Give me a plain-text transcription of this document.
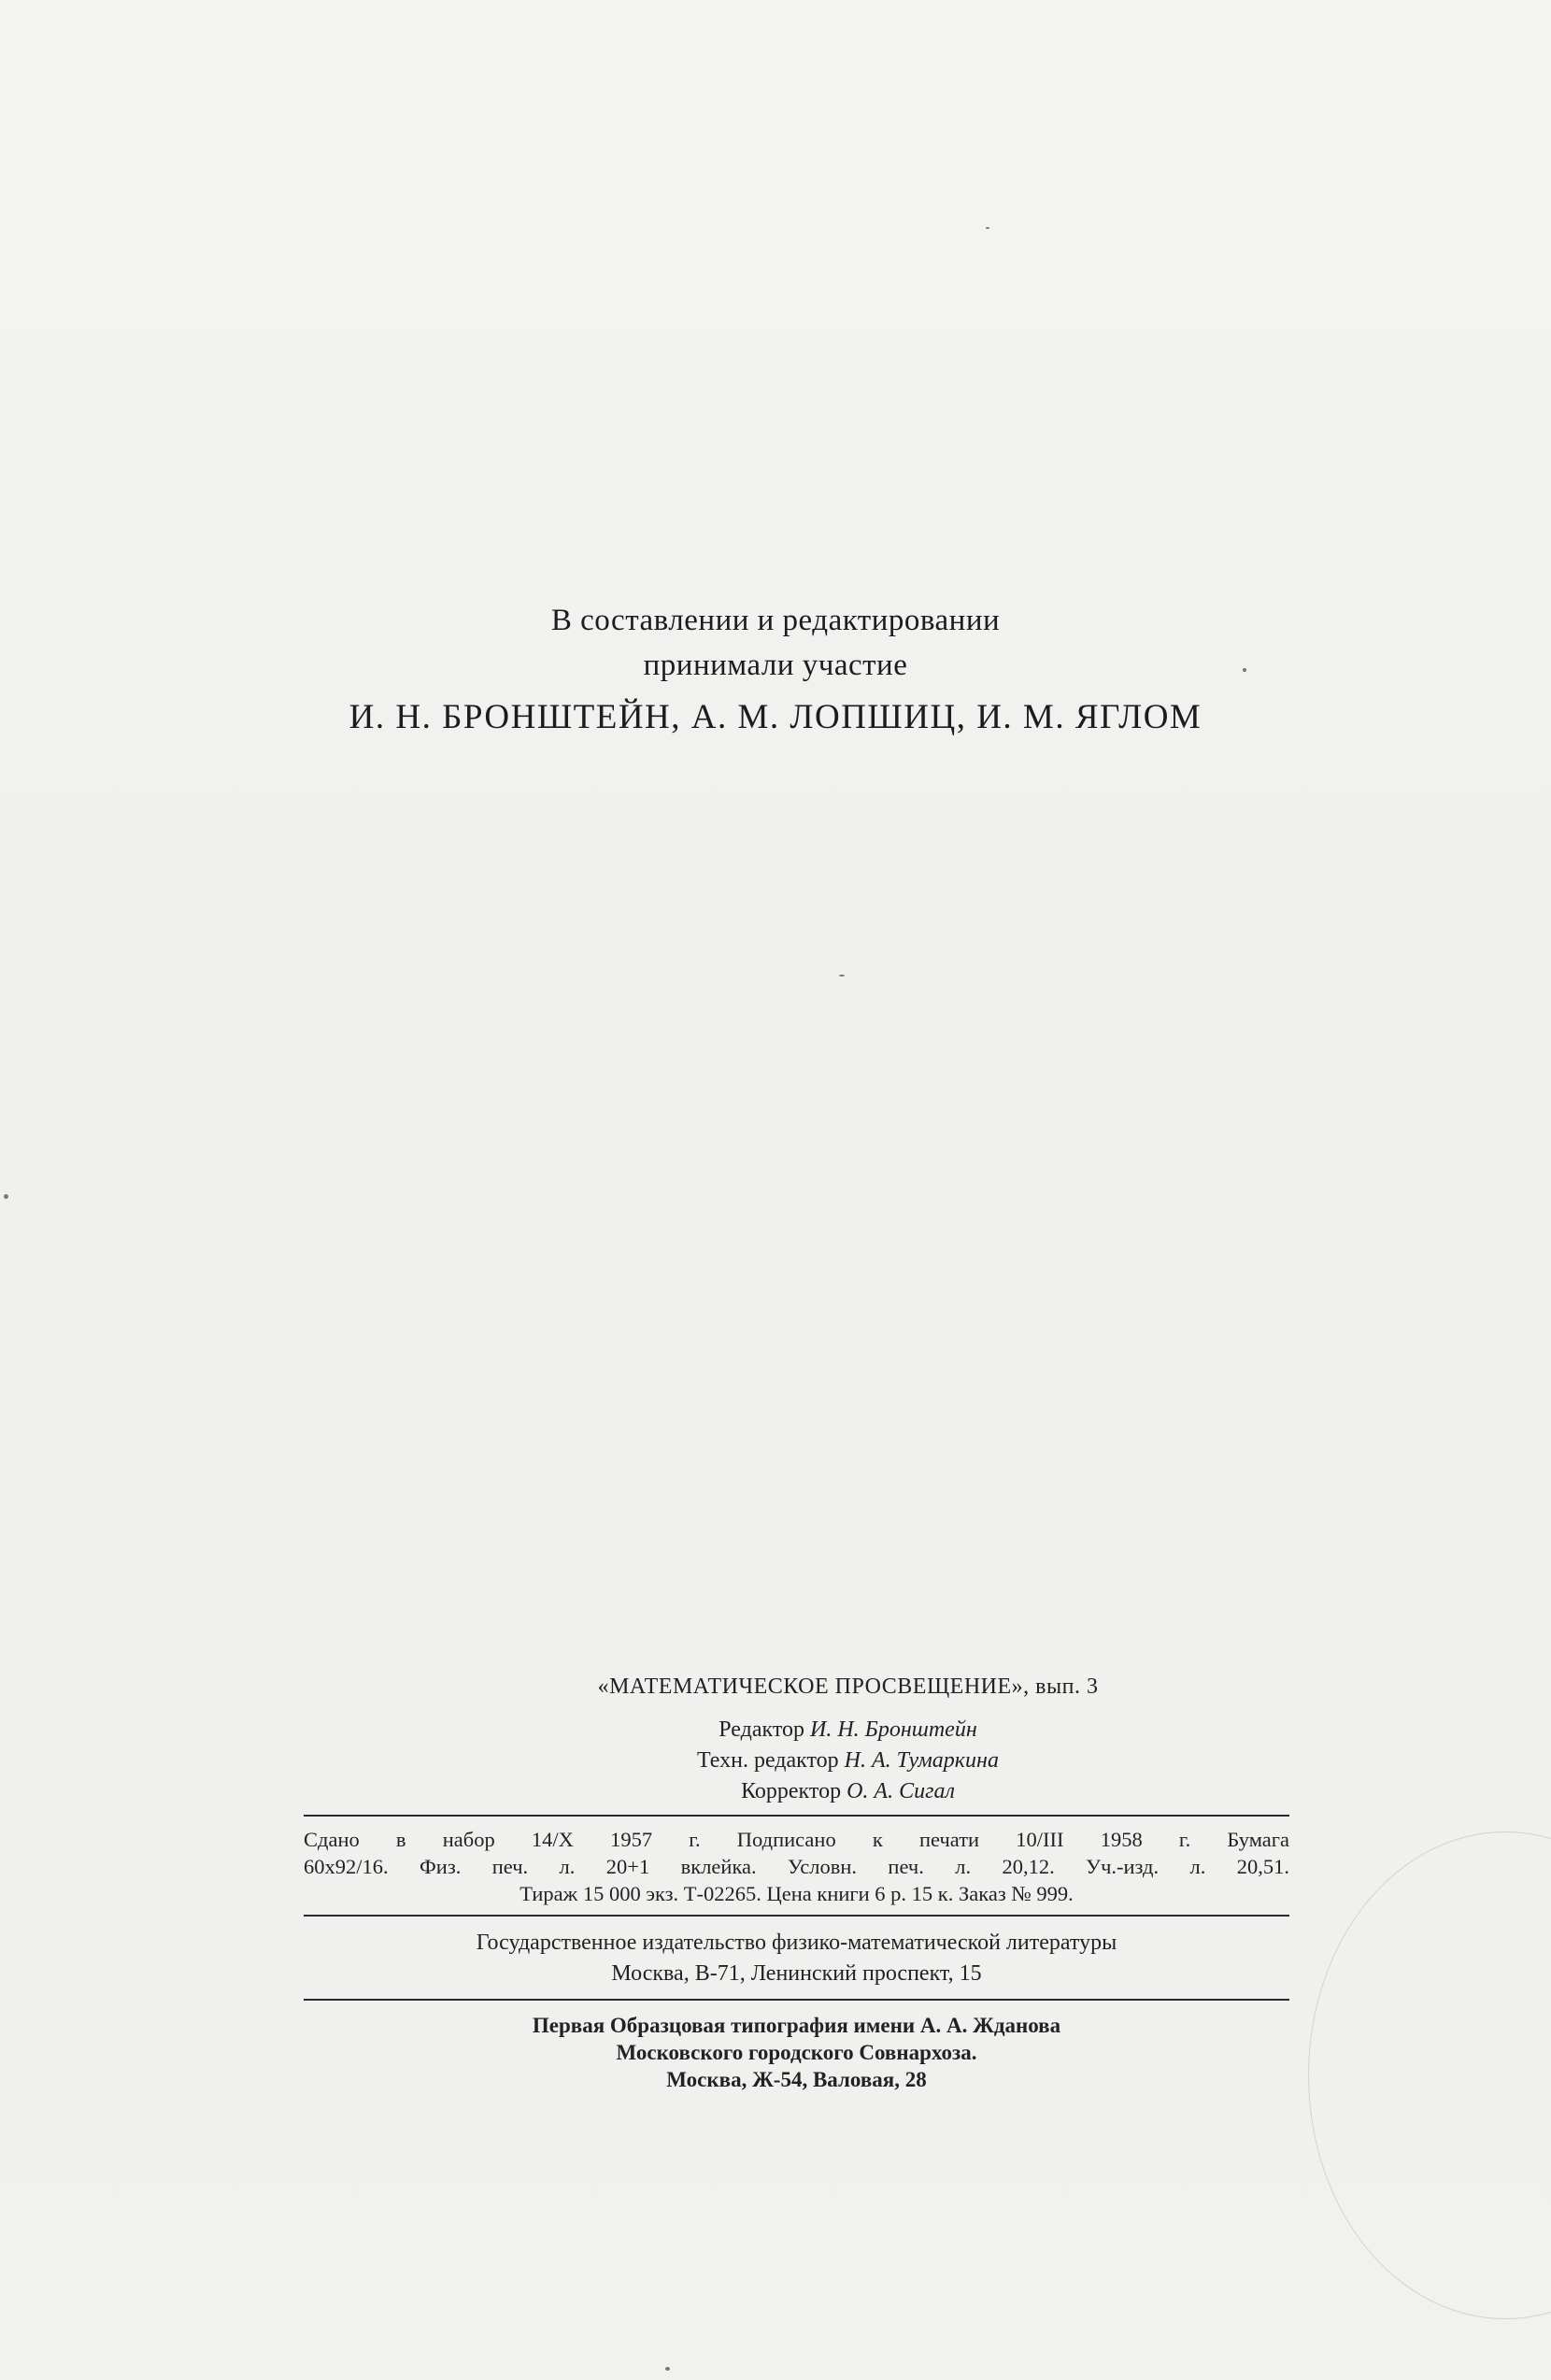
В составлении и редактировании
принимали участие
И. Н. БРОНШТЕЙН, А. М. ЛОПШИЦ, И. М. ЯГЛОМ
«МАТЕМАТИЧЕСКОЕ ПРОСВЕЩЕНИЕ», вып. 3
Редактор И. Н. Бронштейн
Техн. редактор Н. А. Тумаркина
Корректор О. А. Сигал
Сдано в набор 14/X 1957 г. Подписано к печати 10/III 1958 г. Бумага
60x92/16. Физ. печ. л. 20+1 вклейка. Условн. печ. л. 20,12. Уч.-изд. л. 20,51.
Тираж 15 000 экз. Т-02265. Цена книги 6 р. 15 к. Заказ № 999.
Государственное издательство физико-математической литературы
Москва, В-71, Ленинский проспект, 15
Первая Образцовая типография имени А. А. Жданова
Московского городского Совнархоза.
Москва, Ж-54, Валовая, 28
